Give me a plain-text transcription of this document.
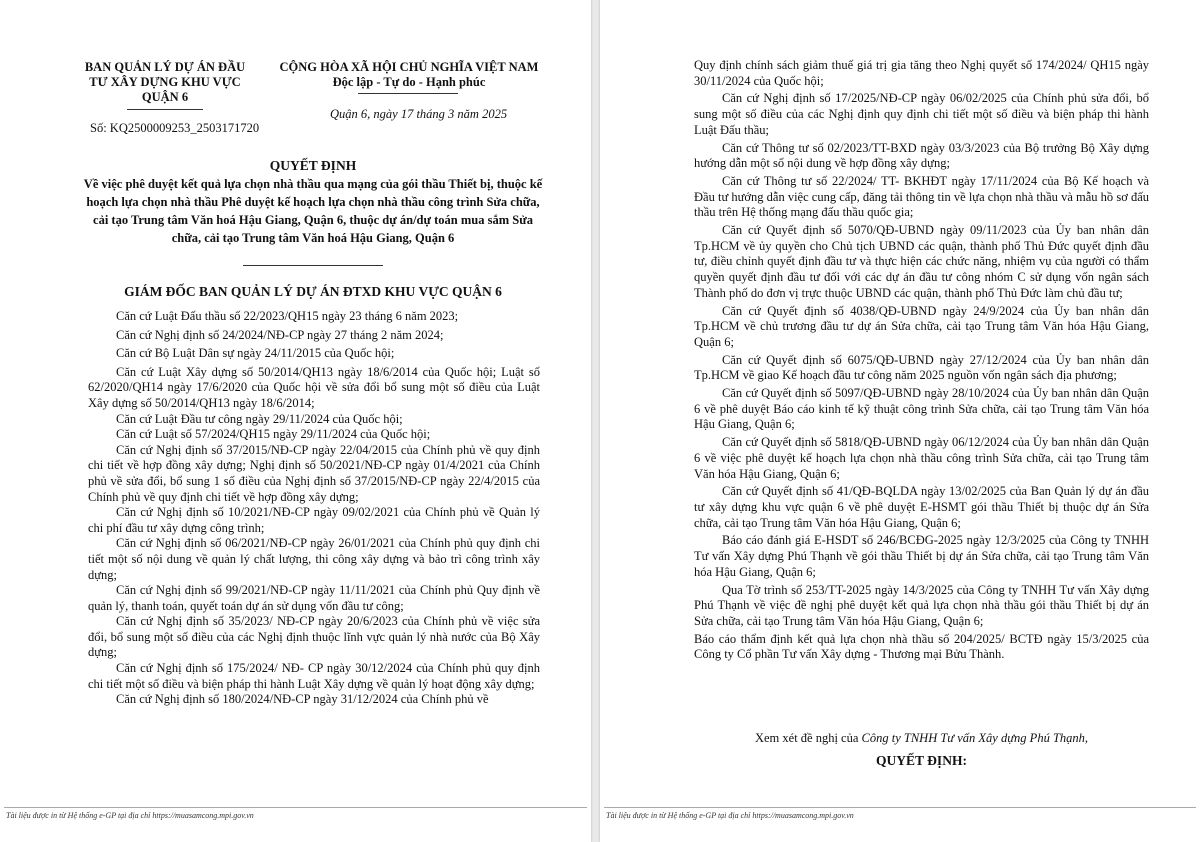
BAN QUẢN LÝ DỰ ÁN ĐẦU
TƯ XÂY DỰNG KHU VỰC
QUẬN 6
Số: KQ2500009253_2503171720
CỘNG HÒA XÃ HỘI CHỦ NGHĨA VIỆT NAM
Độc lập - Tự do - Hạnh phúc
Quận 6, ngày 17 tháng 3 năm 2025
QUYẾT ĐỊNH
Về việc phê duyệt kết quả lựa chọn nhà thầu qua mạng của gói thầu Thiết bị, thuộc kế hoạch lựa chọn nhà thầu Phê duyệt kế hoạch lựa chọn nhà thầu công trình Sửa chữa, cải tạo Trung tâm Văn hoá Hậu Giang, Quận 6, thuộc dự án/dự toán mua sắm Sửa chữa, cải tạo Trung tâm Văn hoá Hậu Giang, Quận 6
GIÁM ĐỐC BAN QUẢN LÝ DỰ ÁN ĐTXD KHU VỰC QUẬN 6

Căn cứ Luật Đấu thầu số 22/2023/QH15 ngày 23 tháng 6 năm 2023;

Căn cứ Nghị định số 24/2024/NĐ-CP ngày 27 tháng 2 năm 2024;

Căn cứ Bộ Luật Dân sự ngày 24/11/2015 của Quốc hội;

Căn cứ Luật Xây dựng số 50/2014/QH13 ngày 18/6/2014 của Quốc hội; Luật số 62/2020/QH14 ngày 17/6/2020 của Quốc hội về sửa đổi bổ sung một số điều của Luật Xây dựng số 50/2014/QH13 ngày 18/6/2014;

Căn cứ Luật Đầu tư công ngày 29/11/2024 của Quốc hội;

Căn cứ Luật số 57/2024/QH15 ngày 29/11/2024 của Quốc hội;

Căn cứ Nghị định số 37/2015/NĐ-CP ngày 22/04/2015 của Chính phủ về quy định chi tiết về hợp đồng xây dựng; Nghị định số 50/2021/NĐ-CP ngày 01/4/2021 của Chính phủ về sửa đổi, bổ sung 1 số điều của Nghị định số 37/2015/NĐ-CP ngày 22/4/2015 của Chính phủ về quy định chi tiết về hợp đồng xây dựng;

Căn cứ Nghị định số 10/2021/NĐ-CP ngày 09/02/2021 của Chính phủ về Quản lý chi phí đầu tư xây dựng công trình;

Căn cứ Nghị định số 06/2021/NĐ-CP ngày 26/01/2021 của Chính phủ quy định chi tiết một số nội dung về quản lý chất lượng, thi công xây dựng và bảo trì công trình xây dựng;

Căn cứ Nghị định số 99/2021/NĐ-CP ngày 11/11/2021 của Chính phủ Quy định về quản lý, thanh toán, quyết toán dự án sử dụng vốn đầu tư công;

Căn cứ Nghị định số 35/2023/ NĐ-CP ngày 20/6/2023 của Chính phủ về việc sửa đổi, bổ sung một số điều của các Nghị định thuộc lĩnh vực quản lý nhà nước của Bộ Xây dựng;

Căn cứ Nghị định số 175/2024/ NĐ- CP ngày 30/12/2024 của Chính phủ quy định chi tiết một số điều và biện pháp thi hành Luật Xây dựng về quản lý hoạt động xây dựng;

Căn cứ Nghị định số 180/2024/NĐ-CP ngày 31/12/2024 của Chính phủ về

Tài liệu được in từ Hệ thống e-GP tại địa chỉ https://muasamcong.mpi.gov.vn	Tài liệu được in từ Hệ thống e-GP tại địa chỉ https://muasamcong.mpi.gov.vn

Quy định chính sách giảm thuế giá trị gia tăng theo Nghị quyết số 174/2024/ QH15 ngày 30/11/2024 của Quốc hội;

Căn cứ Nghị định số 17/2025/NĐ-CP ngày 06/02/2025 của Chính phủ sửa đổi, bổ sung một số điều của các Nghị định quy định chi tiết một số điều và biện pháp thi hành Luật Đấu thầu;

Căn cứ Thông tư số 02/2023/TT-BXD ngày 03/3/2023 của Bộ trưởng Bộ Xây dựng hướng dẫn một số nội dung về hợp đồng xây dựng;

Căn cứ Thông tư số 22/2024/ TT- BKHĐT ngày 17/11/2024 của Bộ Kế hoạch và Đầu tư hướng dẫn việc cung cấp, đăng tải thông tin về lựa chọn nhà thầu và mẫu hồ sơ đấu thầu trên Hệ thống mạng đấu thầu quốc gia;

Căn cứ Quyết định số 5070/QĐ-UBND ngày 09/11/2023 của Ủy ban nhân dân Tp.HCM về ủy quyền cho Chủ tịch UBND các quận, thành phố Thủ Đức quyết định đầu tư, điều chỉnh quyết định đầu tư và thực hiện các chức năng, nhiệm vụ của người có thẩm quyền quyết định đầu tư đối với các dự án đầu tư công nhóm C sử dụng vốn ngân sách Thành phố do đơn vị trực thuộc UBND các quận, thành phố Thủ Đức làm chủ đầu tư;

Căn cứ Quyết định số 4038/QĐ-UBND ngày 24/9/2024 của Ủy ban nhân dân Tp.HCM về chủ trương đầu tư dự án Sửa chữa, cải tạo Trung tâm Văn hóa Hậu Giang, Quận 6;

Căn cứ Quyết định số 6075/QĐ-UBND ngày 27/12/2024 của Ủy ban nhân dân Tp.HCM về giao Kế hoạch đầu tư công năm 2025 nguồn vốn ngân sách địa phương;

Căn cứ Quyết định số 5097/QĐ-UBND ngày 28/10/2024 của Ủy ban nhân dân Quận 6 về phê duyệt Báo cáo kinh tế kỹ thuật công trình Sửa chữa, cải tạo Trung tâm Văn hóa Hậu Giang, Quận 6;

Căn cứ Quyết định số 5818/QĐ-UBND ngày 06/12/2024 của Ủy ban nhân dân Quận 6 về việc phê duyệt kế hoạch lựa chọn nhà thầu công trình Sửa chữa, cải tạo Trung tâm Văn hóa Hậu Giang, Quận 6;

Căn cứ Quyết định số 41/QĐ-BQLDA ngày 13/02/2025 của Ban Quản lý dự án đầu tư xây dựng khu vực quận 6 về phê duyệt E-HSMT gói thầu Thiết bị thuộc dự án Sửa chữa, cải tạo Trung tâm Văn hóa Hậu Giang, Quận 6;

Báo cáo đánh giá E-HSDT số 246/BCĐG-2025 ngày 12/3/2025 của Công ty TNHH Tư vấn Xây dựng Phú Thạnh về gói thầu Thiết bị dự án Sửa chữa, cải tạo Trung tâm Văn hóa Hậu Giang, Quận 6;

Qua Tờ trình số 253/TT-2025 ngày 14/3/2025 của Công ty TNHH Tư vấn Xây dựng Phú Thạnh về việc đề nghị phê duyệt kết quả lựa chọn nhà thầu gói thầu Thiết bị dự án Sửa chữa, cải tạo Trung tâm Văn hóa Hậu Giang, Quận 6;

Báo cáo thẩm định kết quả lựa chọn nhà thầu số 204/2025/ BCTĐ ngày 15/3/2025 của Công ty Cổ phần Tư vấn Xây dựng - Thương mại Bửu Thành.

Xem xét đề nghị của Công ty TNHH Tư vấn Xây dựng Phú Thạnh,
QUYẾT ĐỊNH:
